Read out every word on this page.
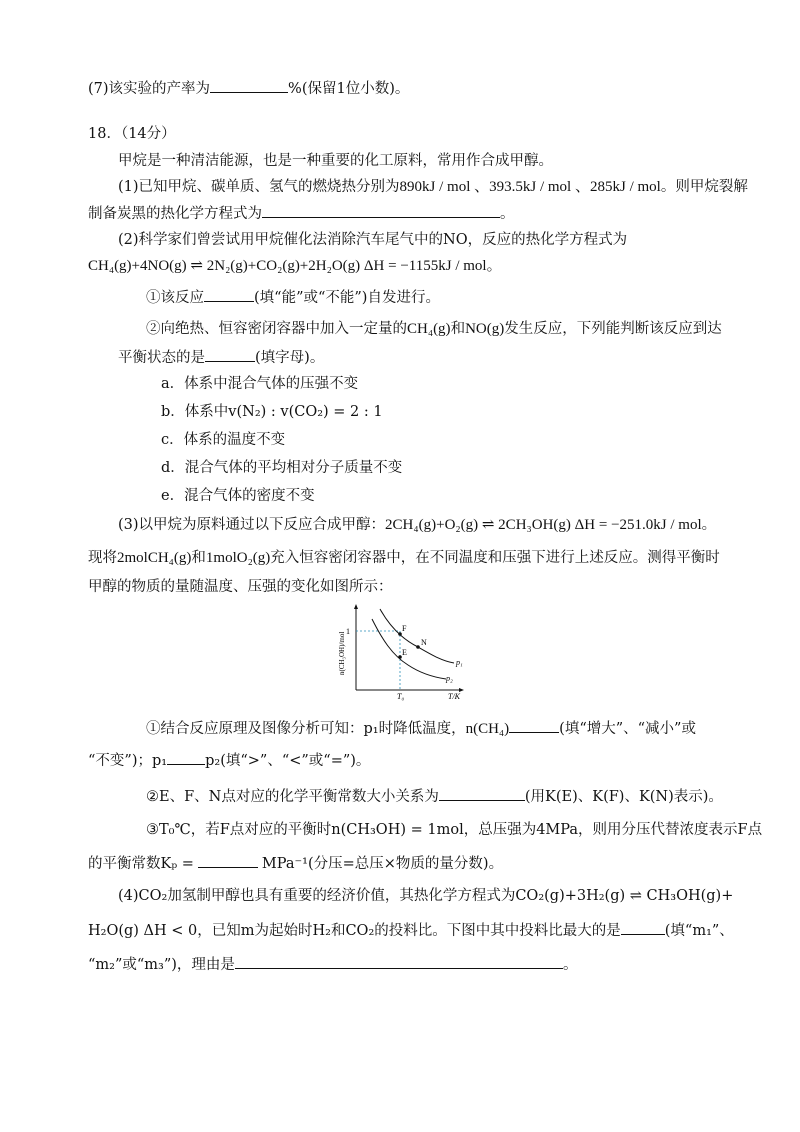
(7)该实验的产率为	%(保留1位小数)。
18．（14分）
甲烷是一种清洁能源，也是一种重要的化工原料，常用作合成甲醇。
(1)已知甲烷、碳单质、氢气的燃烧热分别为890kJ / mol 、393.5kJ / mol 、285kJ / mol。则甲烷裂解
制备炭黑的热化学方程式为	。
(2)科学家们曾尝试用甲烷催化法消除汽车尾气中的NO，反应的热化学方程式为
CH₄(g)+4NO(g) ⇌ 2N₂(g)+CO₂(g)+2H₂O(g) ΔH = −1155kJ / mol。
①该反应	(填“能”或“不能”)自发进行。
②向绝热、恒容密闭容器中加入一定量的CH₄(g)和NO(g)发生反应，下列能判断该反应到达
平衡状态的是	(填字母)。
a．体系中混合气体的压强不变
b．体系中v(N₂) : v(CO₂) = 2 : 1
c．体系的温度不变
d．混合气体的平均相对分子质量不变
e．混合气体的密度不变
(3)以甲烷为原料通过以下反应合成甲醇：2CH₄(g)+O₂(g) ⇌ 2CH₃OH(g) ΔH = −251.0kJ / mol。
现将2molCH₄(g)和1molO₂(g)充入恒容密闭容器中，在不同温度和压强下进行上述反应。测得平衡时
甲醇的物质的量随温度、压强的变化如图所示：
F
N
E
p₁
p₂
1
T₀	T/K
n(CH₃OH)/mol
①结合反应原理及图像分析可知：p₁时降低温度，n(CH₄)	(填“增大”、“减小”或
“不变”)；p₁	p₂(填“>”、“<”或“=”)。
②E、F、N点对应的化学平衡常数大小关系为	(用K(E)、K(F)、K(N)表示)。
③T₀℃，若F点对应的平衡时n(CH₃OH) = 1mol，总压强为4MPa，则用分压代替浓度表示F点
的平衡常数Kₚ =	MPa⁻¹(分压=总压×物质的量分数)。
(4)CO₂加氢制甲醇也具有重要的经济价值，其热化学方程式为CO₂(g)+3H₂(g) ⇌ CH₃OH(g)+
H₂O(g) ΔH < 0，已知m为起始时H₂和CO₂的投料比。下图中其中投料比最大的是	(填“m₁”、
“m₂”或“m₃”)，理由是	。
